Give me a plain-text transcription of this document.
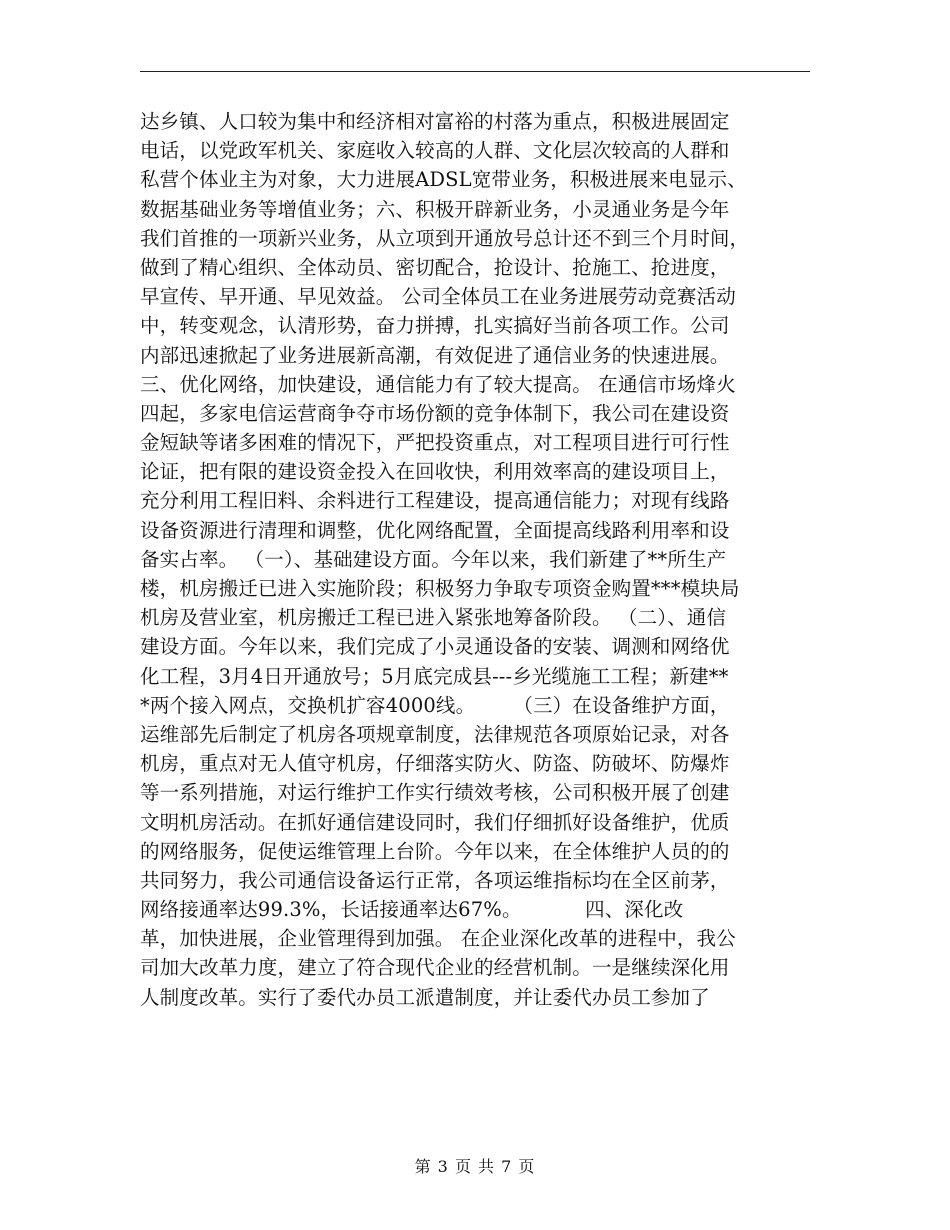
达乡镇、人口较为集中和经济相对富裕的村落为重点，积极进展固定
电话，以党政军机关、家庭收入较高的人群、文化层次较高的人群和
私营个体业主为对象，大力进展ADSL宽带业务，积极进展来电显示、
数据基础业务等增值业务；六、积极开辟新业务，小灵通业务是今年
我们首推的一项新兴业务，从立项到开通放号总计还不到三个月时间，
做到了精心组织、全体动员、密切配合，抢设计、抢施工、抢进度，
早宣传、早开通、早见效益。 公司全体员工在业务进展劳动竞赛活动
中，转变观念，认清形势，奋力拼搏，扎实搞好当前各项工作。公司
内部迅速掀起了业务进展新高潮，有效促进了通信业务的快速进展。
三、优化网络，加快建设，通信能力有了较大提高。 在通信市场烽火
四起，多家电信运营商争夺市场份额的竞争体制下，我公司在建设资
金短缺等诸多困难的情况下，严把投资重点，对工程项目进行可行性
论证，把有限的建设资金投入在回收快，利用效率高的建设项目上，
充分利用工程旧料、余料进行工程建设，提高通信能力；对现有线路
设备资源进行清理和调整，优化网络配置，全面提高线路利用率和设
备实占率。 （一）、基础建设方面。今年以来，我们新建了**所生产
楼，机房搬迁已进入实施阶段；积极努力争取专项资金购置***模块局
机房及营业室，机房搬迁工程已进入紧张地筹备阶段。 （二）、通信
建设方面。今年以来，我们完成了小灵通设备的安装、调测和网络优
化工程，3月4日开通放号；5月底完成县---乡光缆施工工程；新建**
*两个接入网点，交换机扩容4000线。      （三）在设备维护方面，
运维部先后制定了机房各项规章制度，法律规范各项原始记录，对各
机房，重点对无人值守机房，仔细落实防火、防盗、防破坏、防爆炸
等一系列措施，对运行维护工作实行绩效考核，公司积极开展了创建
文明机房活动。在抓好通信建设同时，我们仔细抓好设备维护，优质
的网络服务，促使运维管理上台阶。今年以来，在全体维护人员的的
共同努力，我公司通信设备运行正常，各项运维指标均在全区前茅，
网络接通率达99.3%，长话接通率达67%。          四、深化改
革，加快进展，企业管理得到加强。 在企业深化改革的进程中，我公
司加大改革力度，建立了符合现代企业的经营机制。一是继续深化用
人制度改革。实行了委代办员工派遣制度，并让委代办员工参加了
第 3 页 共 7 页
